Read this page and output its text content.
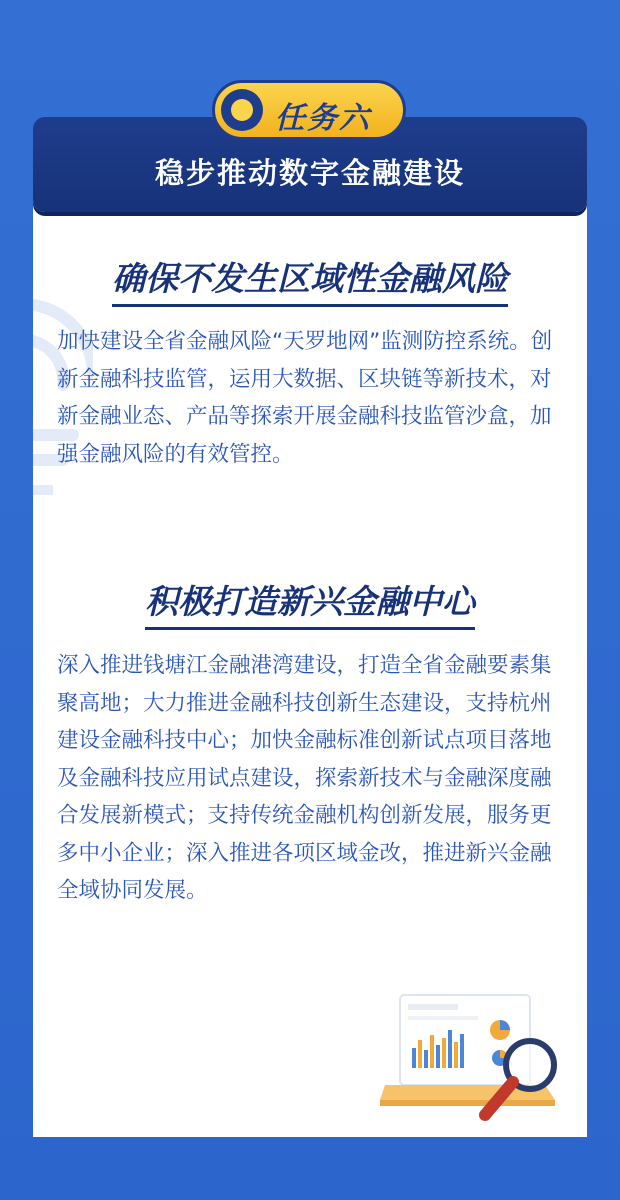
稳步推动数字金融建设
任务六
确保不发生区域性金融风险

加快建设全省金融风险“天罗地网”监测防控系统。创新金融科技监管，运用大数据、区块链等新技术，对新金融业态、产品等探索开展金融科技监管沙盒，加强金融风险的有效管控。

积极打造新兴金融中心

深入推进钱塘江金融港湾建设，打造全省金融要素集聚高地；大力推进金融科技创新生态建设，支持杭州建设金融科技中心；加快金融标准创新试点项目落地及金融科技应用试点建设，探索新技术与金融深度融合发展新模式；支持传统金融机构创新发展，服务更多中小企业；深入推进各项区域金改，推进新兴金融全域协同发展。
